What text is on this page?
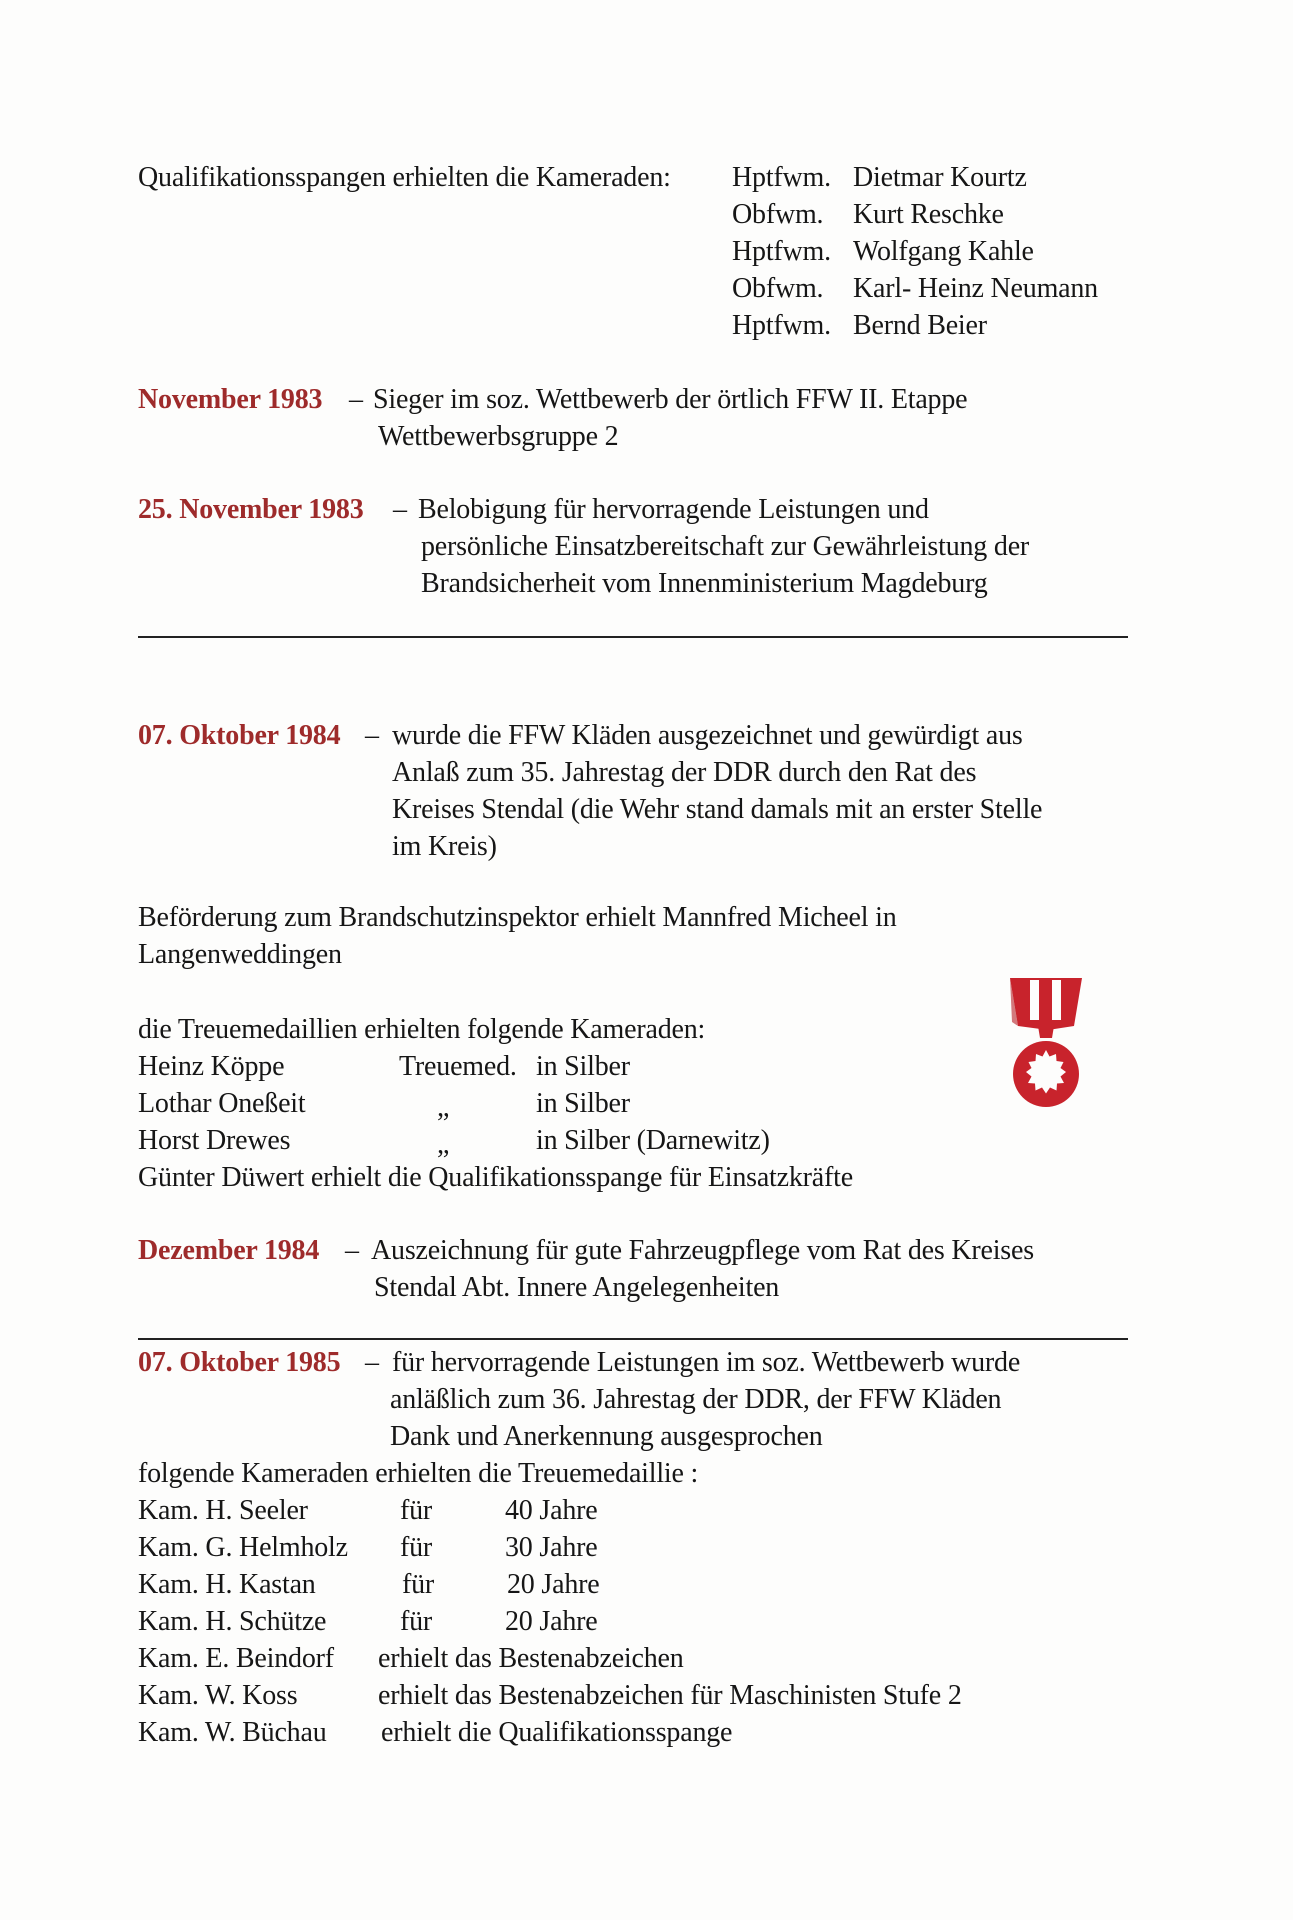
Qualifikationsspangen erhielten die Kameraden: Hptfwm. Dietmar Kourtz
Obfwm. Kurt Reschke
Hptfwm. Wolfgang Kahle
Obfwm. Karl- Heinz Neumann
Hptfwm. Bernd Beier
November 1983 – Sieger im soz. Wettbewerb der örtlich FFW II. Etappe
Wettbewerbsgruppe 2
25. November 1983 – Belobigung für hervorragende Leistungen und
persönliche Einsatzbereitschaft zur Gewährleistung der
Brandsicherheit vom Innenministerium Magdeburg
07. Oktober 1984 – wurde die FFW Kläden ausgezeichnet und gewürdigt aus
Anlaß zum 35. Jahrestag der DDR durch den Rat des
Kreises Stendal (die Wehr stand damals mit an erster Stelle
im Kreis)
Beförderung zum Brandschutzinspektor erhielt Mannfred Micheel in
Langenweddingen
die Treuemedaillien erhielten folgende Kameraden:
Heinz Köppe	Treuemed. in Silber
Lothar Oneßeit	„	in Silber
Horst Drewes	„	in Silber (Darnewitz)
Günter Düwert erhielt die Qualifikationsspange für Einsatzkräfte
Dezember 1984 – Auszeichnung für gute Fahrzeugpflege vom Rat des Kreises
Stendal Abt. Innere Angelegenheiten
07. Oktober 1985 – für hervorragende Leistungen im soz. Wettbewerb wurde
anläßlich zum 36. Jahrestag der DDR, der FFW Kläden
Dank und Anerkennung ausgesprochen
folgende Kameraden erhielten die Treuemedaillie :
Kam. H. Seeler	für	40 Jahre
Kam. G. Helmholz für	30 Jahre
Kam. H. Kastan	für	20 Jahre
Kam. H. Schütze	für	20 Jahre
Kam. E. Beindorf erhielt das Bestenabzeichen
Kam. W. Koss	erhielt das Bestenabzeichen für Maschinisten Stufe 2
Kam. W. Büchau erhielt die Qualifikationsspange
